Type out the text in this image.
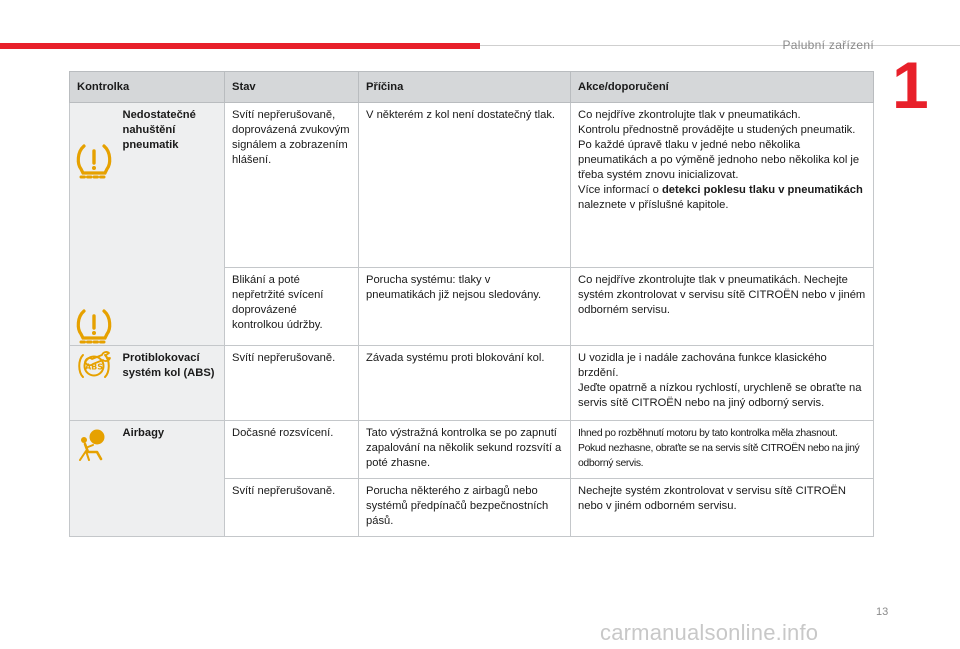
Palubní zařízení
1
Kontrolka		Stav	Příčina	Akce/doporučení

	Nedostatečné nahuštění pneumatik	Svítí nepřerušovaně, doprovázená zvukovým signálem a zobrazením hlášení.	V některém z kol není dostatečný tlak.	Co nejdříve zkontrolujte tlak v pneumatikách.
Kontrolu přednostně provádějte u studených pneumatik.
Po každé úpravě tlaku v jedné nebo několika pneumatikách a po výměně jednoho nebo několika kol je třeba systém znovu inicializovat.
Více informací o detekci poklesu tlaku v pneumatikách naleznete v příslušné kapitole.
		Blikání a poté nepřetržité svícení doprovázené kontrolkou údržby.	Porucha systému: tlaky v pneumatikách již nejsou sledovány.	Co nejdříve zkontrolujte tlak v pneumatikách. Nechejte systém zkontrolovat v servisu sítě CITROËN nebo v jiném odborném servisu.

ABS	Protiblokovací systém kol (ABS)	Svítí nepřerušovaně.	Závada systému proti blokování kol.	U vozidla je i nadále zachována funkce klasického brzdění.
Jeďte opatrně a nízkou rychlostí, urychleně se obraťte na servis sítě CITROËN nebo na jiný odborný servis.

	Airbagy	Dočasné rozsvícení.	Tato výstražná kontrolka se po zapnutí zapalování na několik sekund rozsvítí a poté zhasne.	Ihned po rozběhnutí motoru by tato kontrolka měla zhasnout. Pokud nezhasne, obraťte se na servis sítě CITROËN nebo na jiný odborný servis.
		Svítí nepřerušovaně.	Porucha některého z airbagů nebo systémů předpínačů bezpečnostních pásů.	Nechejte systém zkontrolovat v servisu sítě CITROËN nebo v jiném odborném servisu.
13
carmanualsonline.info
